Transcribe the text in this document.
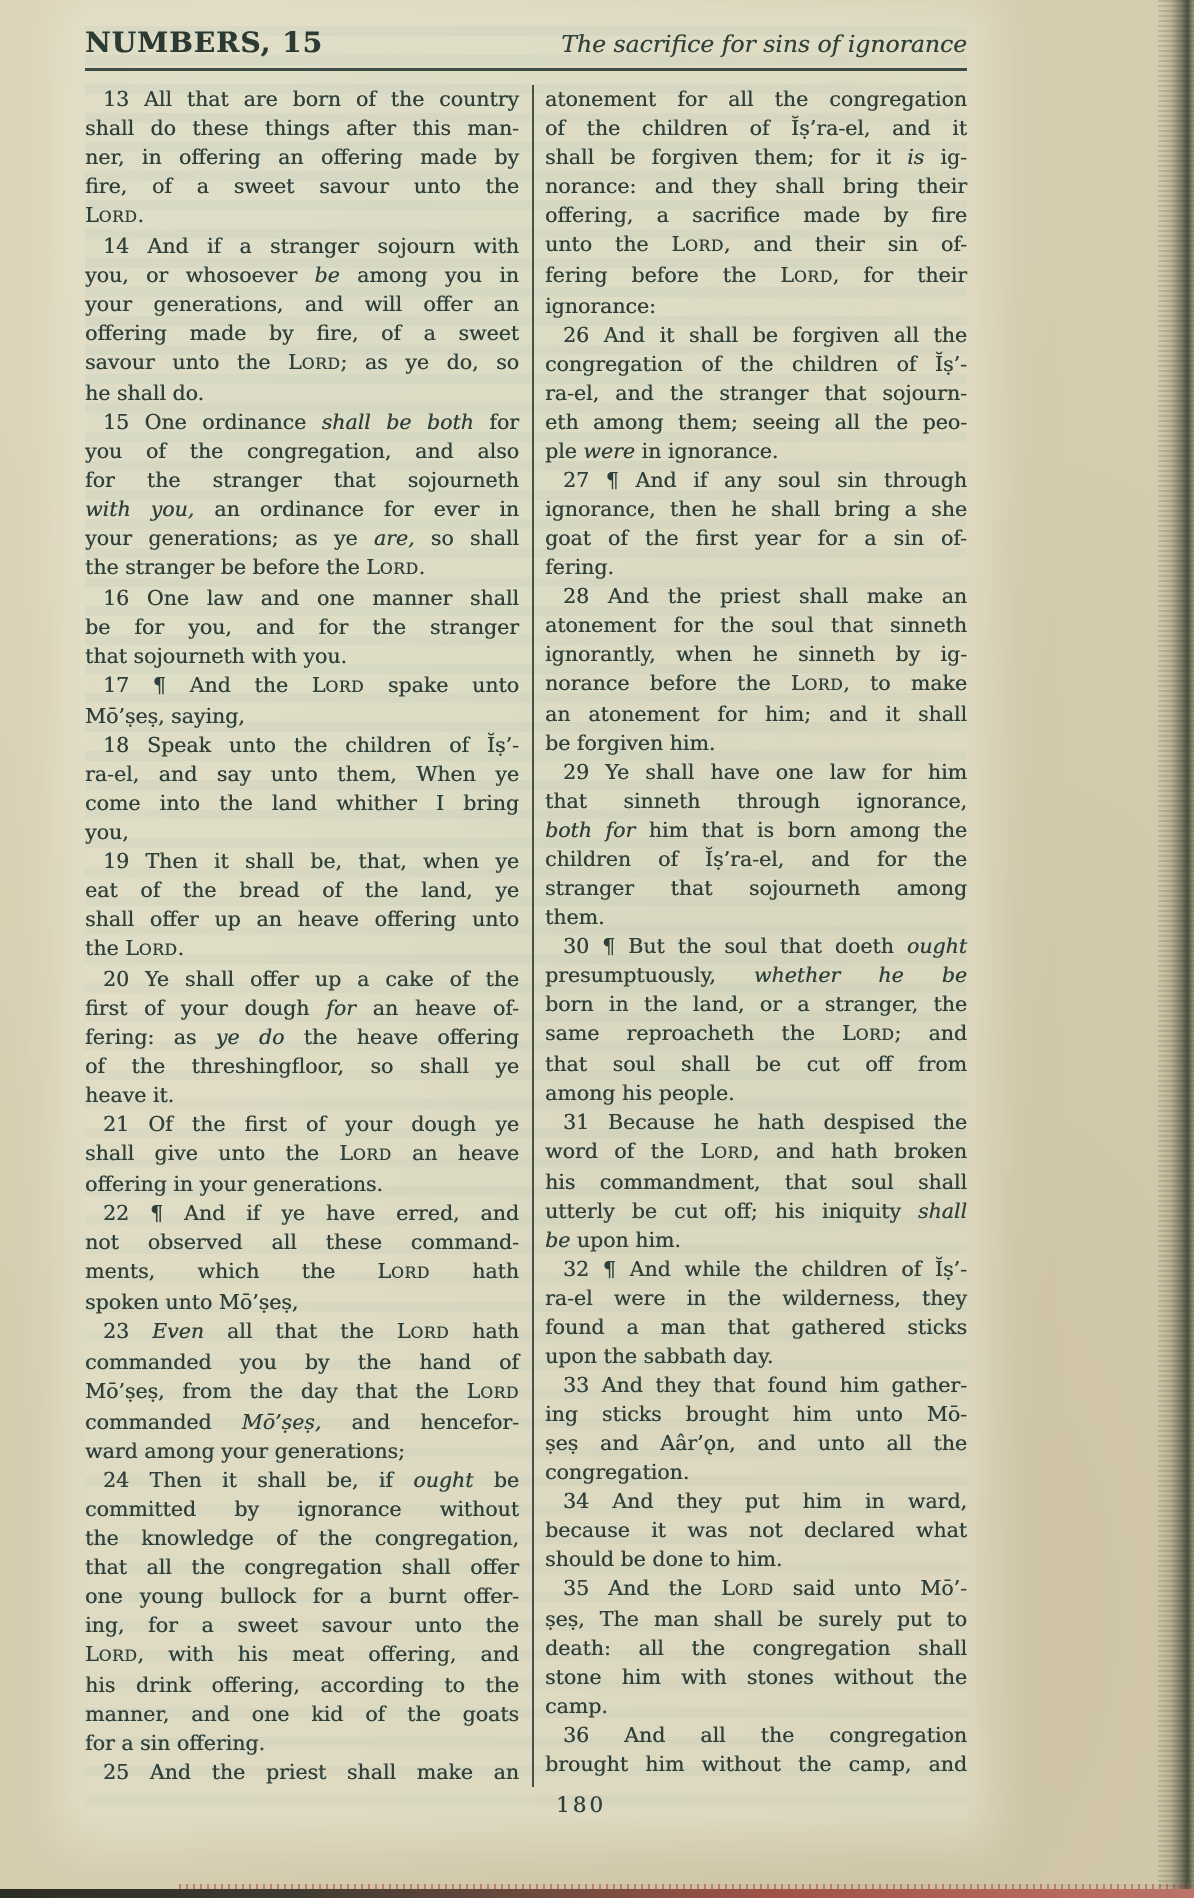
NUMBERS, 15	The sacrifice for sins of ignorance
13 All that are born of the country
shall do these things after this man-
ner, in offering an offering made by
fire, of a sweet savour unto the
LORD.
14 And if a stranger sojourn with
you, or whosoever be among you in
your generations, and will offer an
offering made by fire, of a sweet
savour unto the LORD; as ye do, so
he shall do.
15 One ordinance shall be both for
you of the congregation, and also
for the stranger that sojourneth
with you, an ordinance for ever in
your generations; as ye are, so shall
the stranger be before the LORD.
16 One law and one manner shall
be for you, and for the stranger
that sojourneth with you.
17 ¶ And the LORD spake unto
Mō’ṣeṣ, saying,
18 Speak unto the children of Ĭṣ’-
ra-el, and say unto them, When ye
come into the land whither I bring
you,
19 Then it shall be, that, when ye
eat of the bread of the land, ye
shall offer up an heave offering unto
the LORD.
20 Ye shall offer up a cake of the
first of your dough for an heave of-
fering: as ye do the heave offering
of the threshingfloor, so shall ye
heave it.
21 Of the first of your dough ye
shall give unto the LORD an heave
offering in your generations.
22 ¶ And if ye have erred, and
not observed all these command-
ments, which the LORD hath
spoken unto Mō’ṣeṣ,
23 Even all that the LORD hath
commanded you by the hand of
Mō’ṣeṣ, from the day that the LORD
commanded Mō’ṣeṣ, and hencefor-
ward among your generations;
24 Then it shall be, if ought be
committed by ignorance without
the knowledge of the congregation,
that all the congregation shall offer
one young bullock for a burnt offer-
ing, for a sweet savour unto the
LORD, with his meat offering, and
his drink offering, according to the
manner, and one kid of the goats
for a sin offering.
25 And the priest shall make an
atonement for all the congregation
of the children of Ĭṣ’ra-el, and it
shall be forgiven them; for it is ig-
norance: and they shall bring their
offering, a sacrifice made by fire
unto the LORD, and their sin of-
fering before the LORD, for their
ignorance:
26 And it shall be forgiven all the
congregation of the children of Ĭṣ’-
ra-el, and the stranger that sojourn-
eth among them; seeing all the peo-
ple were in ignorance.
27 ¶ And if any soul sin through
ignorance, then he shall bring a she
goat of the first year for a sin of-
fering.
28 And the priest shall make an
atonement for the soul that sinneth
ignorantly, when he sinneth by ig-
norance before the LORD, to make
an atonement for him; and it shall
be forgiven him.
29 Ye shall have one law for him
that sinneth through ignorance,
both for him that is born among the
children of Ĭṣ’ra-el, and for the
stranger that sojourneth among
them.
30 ¶ But the soul that doeth ought
presumptuously, whether he be
born in the land, or a stranger, the
same reproacheth the LORD; and
that soul shall be cut off from
among his people.
31 Because he hath despised the
word of the LORD, and hath broken
his commandment, that soul shall
utterly be cut off; his iniquity shall
be upon him.
32 ¶ And while the children of Ĭṣ’-
ra-el were in the wilderness, they
found a man that gathered sticks
upon the sabbath day.
33 And they that found him gather-
ing sticks brought him unto Mō-
ṣeṣ and Aâr’ǫn, and unto all the
congregation.
34 And they put him in ward,
because it was not declared what
should be done to him.
35 And the LORD said unto Mō’-
ṣeṣ, The man shall be surely put to
death: all the congregation shall
stone him with stones without the
camp.
36 And all the congregation
brought him without the camp, and
180
